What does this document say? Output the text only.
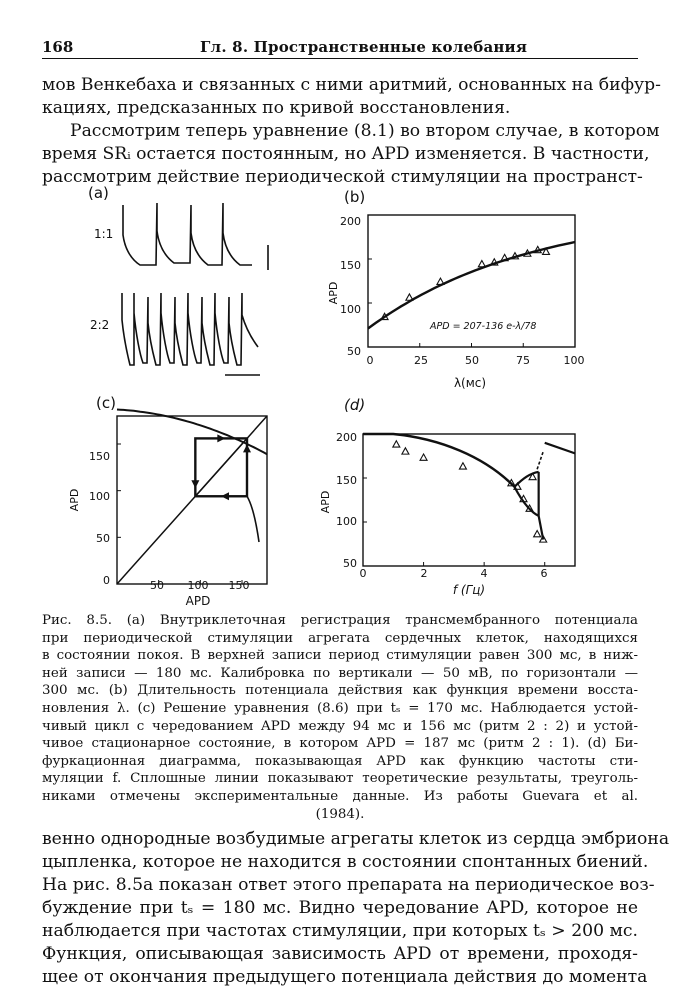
168	Гл. 8. Пространственные колебания
мов Венкебаха и связанных с ними аритмий, основанных на бифур-
кациях, предсказанных по кривой восстановления.
Рассмотрим теперь уравнение (8.1) во втором случае, в котором
время SRᵢ остается постоянным, но APD изменяется. В частности,
рассмотрим действие периодической стимуляции на пространст-
(a)
1:1
2:2
(b)
200
150
100
50
0	25	50	75	100
λ(мс)
APD
APD = 207-136 e-λ/78
(c)
150
100
50
0	50 100 150
APD
APD
(d)
200
150
100
50
0	2	4	6
f (Гц)
APD
Рис. 8.5. (a) Внутриклеточная регистрация трансмембранного потенциала
при периодической стимуляции агрегата сердечных клеток, находящихся
в состоянии покоя. В верхней записи период стимуляции равен 300 мс, в ниж-
ней записи — 180 мс. Калибровка по вертикали — 50 мВ, по горизонтали —
300 мс. (b) Длительность потенциала действия как функция времени восста-
новления λ. (c) Решение уравнения (8.6) при tₛ = 170 мс. Наблюдается устой-
чивый цикл с чередованием APD между 94 мс и 156 мс (ритм 2 : 2) и устой-
чивое стационарное состояние, в котором APD = 187 мс (ритм 2 : 1). (d) Би-
фуркационная диаграмма, показывающая APD как функцию частоты сти-
муляции f. Сплошные линии показывают теоретические результаты, треуголь-
никами отмечены экспериментальные данные. Из работы Guevara et al.
(1984).
венно однородные возбудимые агрегаты клеток из сердца эмбриона
цыпленка, которое не находится в состоянии спонтанных биений.
На рис. 8.5a показан ответ этого препарата на периодическое воз-
буждение при tₛ = 180 мс. Видно чередование APD, которое не
наблюдается при частотах стимуляции, при которых tₛ > 200 мс.
Функция, описывающая зависимость APD от времени, проходя-
щее от окончания предыдущего потенциала действия до момента
